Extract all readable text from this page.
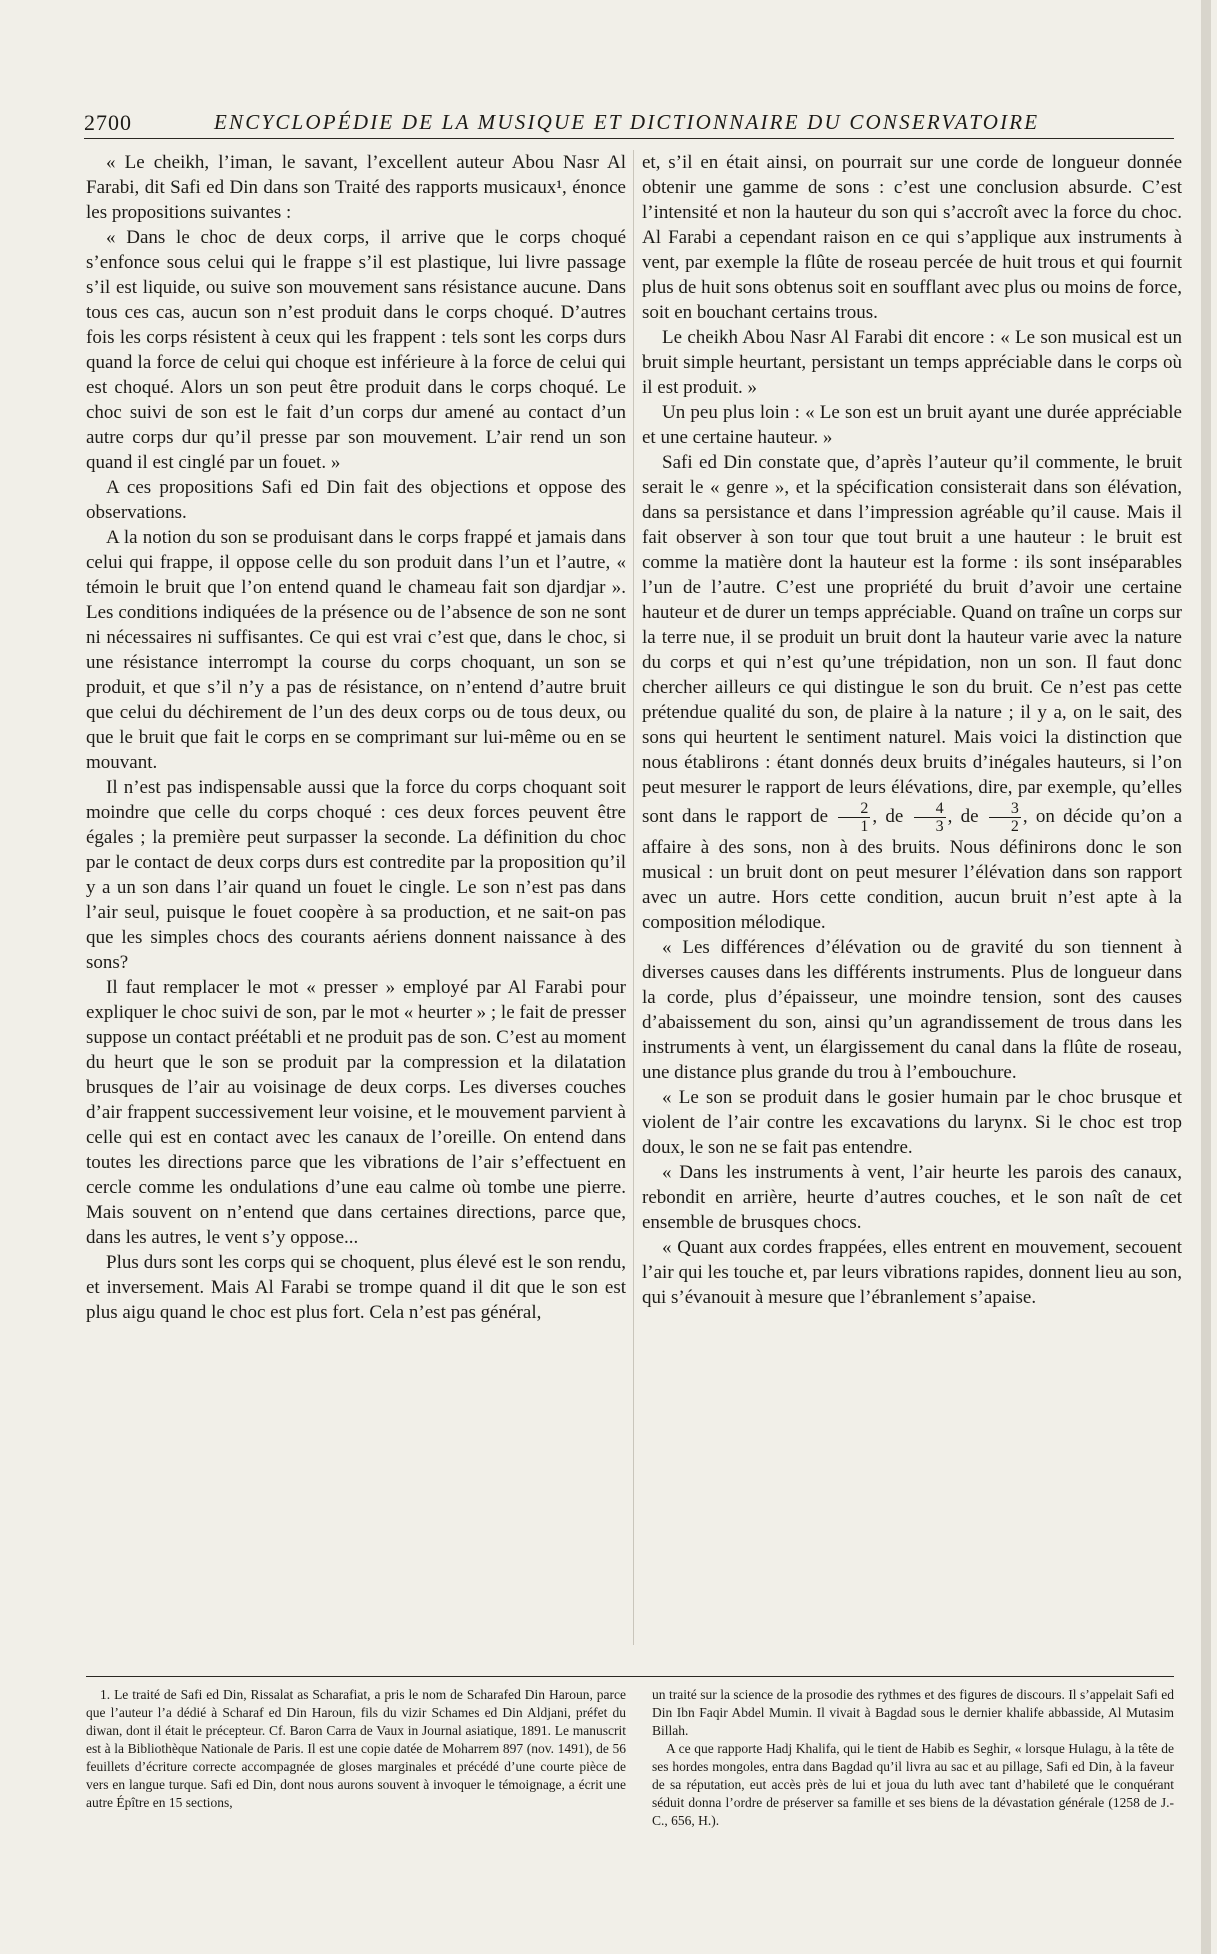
2700	ENCYCLOPÉDIE DE LA MUSIQUE ET DICTIONNAIRE DU CONSERVATOIRE

« Le cheikh, l’iman, le savant, l’excellent auteur Abou Nasr Al Farabi, dit Safi ed Din dans son Traité des rapports musicaux¹, énonce les propositions suivantes :

« Dans le choc de deux corps, il arrive que le corps choqué s’enfonce sous celui qui le frappe s’il est plastique, lui livre passage s’il est liquide, ou suive son mouvement sans résistance aucune. Dans tous ces cas, aucun son n’est produit dans le corps choqué. D’autres fois les corps résistent à ceux qui les frappent : tels sont les corps durs quand la force de celui qui choque est inférieure à la force de celui qui est choqué. Alors un son peut être produit dans le corps choqué. Le choc suivi de son est le fait d’un corps dur amené au contact d’un autre corps dur qu’il presse par son mouvement. L’air rend un son quand il est cinglé par un fouet. »

A ces propositions Safi ed Din fait des objections et oppose des observations.

A la notion du son se produisant dans le corps frappé et jamais dans celui qui frappe, il oppose celle du son produit dans l’un et l’autre, « témoin le bruit que l’on entend quand le chameau fait son djardjar ». Les conditions indiquées de la présence ou de l’absence de son ne sont ni nécessaires ni suffisantes. Ce qui est vrai c’est que, dans le choc, si une résistance interrompt la course du corps choquant, un son se produit, et que s’il n’y a pas de résistance, on n’entend d’autre bruit que celui du déchirement de l’un des deux corps ou de tous deux, ou que le bruit que fait le corps en se comprimant sur lui-même ou en se mouvant.

Il n’est pas indispensable aussi que la force du corps choquant soit moindre que celle du corps choqué : ces deux forces peuvent être égales ; la première peut surpasser la seconde. La définition du choc par le contact de deux corps durs est contredite par la proposition qu’il y a un son dans l’air quand un fouet le cingle. Le son n’est pas dans l’air seul, puisque le fouet coopère à sa production, et ne sait-on pas que les simples chocs des courants aériens donnent naissance à des sons?

Il faut remplacer le mot « presser » employé par Al Farabi pour expliquer le choc suivi de son, par le mot « heurter » ; le fait de presser suppose un contact préétabli et ne produit pas de son. C’est au moment du heurt que le son se produit par la compression et la dilatation brusques de l’air au voisinage de deux corps. Les diverses couches d’air frappent successivement leur voisine, et le mouvement parvient à celle qui est en contact avec les canaux de l’oreille. On entend dans toutes les directions parce que les vibrations de l’air s’effectuent en cercle comme les ondulations d’une eau calme où tombe une pierre. Mais souvent on n’entend que dans certaines directions, parce que, dans les autres, le vent s’y oppose...

Plus durs sont les corps qui se choquent, plus élevé est le son rendu, et inversement. Mais Al Farabi se trompe quand il dit que le son est plus aigu quand le choc est plus fort. Cela n’est pas général,

et, s’il en était ainsi, on pourrait sur une corde de longueur donnée obtenir une gamme de sons : c’est une conclusion absurde. C’est l’intensité et non la hauteur du son qui s’accroît avec la force du choc. Al Farabi a cependant raison en ce qui s’applique aux instruments à vent, par exemple la flûte de roseau percée de huit trous et qui fournit plus de huit sons obtenus soit en soufflant avec plus ou moins de force, soit en bouchant certains trous.

Le cheikh Abou Nasr Al Farabi dit encore : « Le son musical est un bruit simple heurtant, persistant un temps appréciable dans le corps où il est produit. »

Un peu plus loin : « Le son est un bruit ayant une durée appréciable et une certaine hauteur. »

Safi ed Din constate que, d’après l’auteur qu’il commente, le bruit serait le « genre », et la spécification consisterait dans son élévation, dans sa persistance et dans l’impression agréable qu’il cause. Mais il fait observer à son tour que tout bruit a une hauteur : le bruit est comme la matière dont la hauteur est la forme : ils sont inséparables l’un de l’autre. C’est une propriété du bruit d’avoir une certaine hauteur et de durer un temps appréciable. Quand on traîne un corps sur la terre nue, il se produit un bruit dont la hauteur varie avec la nature du corps et qui n’est qu’une trépidation, non un son. Il faut donc chercher ailleurs ce qui distingue le son du bruit. Ce n’est pas cette prétendue qualité du son, de plaire à la nature ; il y a, on le sait, des sons qui heurtent le sentiment naturel. Mais voici la distinction que nous établirons : étant donnés deux bruits d’inégales hauteurs, si l’on peut mesurer le rapport de leurs élévations, dire, par exemple, qu’elles sont dans le rapport de $\frac{2}{1}$ , de $\frac{4}{3}$ , de $\frac{3}{2}$ , on décide qu’on a affaire à des sons, non à des bruits. Nous définirons donc le son musical : un bruit dont on peut mesurer l’élévation dans son rapport avec un autre. Hors cette condition, aucun bruit n’est apte à la composition mélodique.

« Les différences d’élévation ou de gravité du son tiennent à diverses causes dans les différents instruments. Plus de longueur dans la corde, plus d’épaisseur, une moindre tension, sont des causes d’abaissement du son, ainsi qu’un agrandissement de trous dans les instruments à vent, un élargissement du canal dans la flûte de roseau, une distance plus grande du trou à l’embouchure.

« Le son se produit dans le gosier humain par le choc brusque et violent de l’air contre les excavations du larynx. Si le choc est trop doux, le son ne se fait pas entendre.

« Dans les instruments à vent, l’air heurte les parois des canaux, rebondit en arrière, heurte d’autres couches, et le son naît de cet ensemble de brusques chocs.

« Quant aux cordes frappées, elles entrent en mouvement, secouent l’air qui les touche et, par leurs vibrations rapides, donnent lieu au son, qui s’évanouit à mesure que l’ébranlement s’apaise.

1. Le traité de Safi ed Din, Rissalat as Scharafiat, a pris le nom de Scharafed Din Haroun, parce que l’auteur l’a dédié à Scharaf ed Din Haroun, fils du vizir Schames ed Din Aldjani, préfet du diwan, dont il était le précepteur. Cf. Baron Carra de Vaux in Journal asiatique, 1891. Le manuscrit est à la Bibliothèque Nationale de Paris. Il est une copie datée de Moharrem 897 (nov. 1491), de 56 feuillets d’écriture correcte accompagnée de gloses marginales et précédé d’une courte pièce de vers en langue turque. Safi ed Din, dont nous aurons souvent à invoquer le témoignage, a écrit une autre Épître en 15 sections,

un traité sur la science de la prosodie des rythmes et des figures de discours. Il s’appelait Safi ed Din Ibn Faqir Abdel Mumin. Il vivait à Bagdad sous le dernier khalife abbasside, Al Mutasim Billah.

A ce que rapporte Hadj Khalifa, qui le tient de Habib es Seghir, « lorsque Hulagu, à la tête de ses hordes mongoles, entra dans Bagdad qu’il livra au sac et au pillage, Safi ed Din, à la faveur de sa réputation, eut accès près de lui et joua du luth avec tant d’habileté que le conquérant séduit donna l’ordre de préserver sa famille et ses biens de la dévastation générale (1258 de J.-C., 656, H.).
